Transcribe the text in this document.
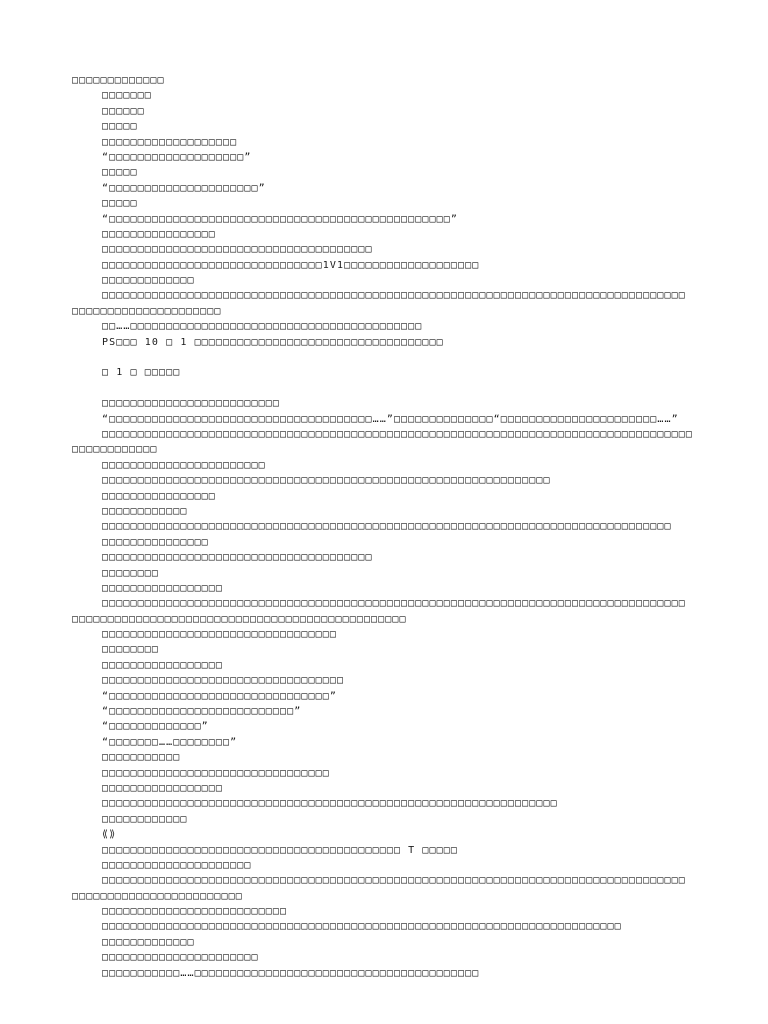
□□□□□□□□□□□□□
□□□□□□□
□□□□□□
□□□□□
□□□□□□□□□□□□□□□□□□□
“□□□□□□□□□□□□□□□□□□□”
□□□□□
“□□□□□□□□□□□□□□□□□□□□□”
□□□□□
“□□□□□□□□□□□□□□□□□□□□□□□□□□□□□□□□□□□□□□□□□□□□□□□□”
□□□□□□□□□□□□□□□□
□□□□□□□□□□□□□□□□□□□□□□□□□□□□□□□□□□□□□□
□□□□□□□□□□□□□□□□□□□□□□□□□□□□□□□1V1□□□□□□□□□□□□□□□□□□□
□□□□□□□□□□□□□
□□□□□□□□□□□□□□□□□□□□□□□□□□□□□□□□□□□□□□□□□□□□□□□□□□□□□□□□□□□□□□□□□□□□□□□□□□□□□□□□□□
□□□□□□□□□□□□□□□□□□□□□
□□……□□□□□□□□□□□□□□□□□□□□□□□□□□□□□□□□□□□□□□□□□
PS□□□ 10 □ 1 □□□□□□□□□□□□□□□□□□□□□□□□□□□□□□□□□□□
□ 1 □ □□□□□
□□□□□□□□□□□□□□□□□□□□□□□□□
“□□□□□□□□□□□□□□□□□□□□□□□□□□□□□□□□□□□□□……”□□□□□□□□□□□□□□“□□□□□□□□□□□□□□□□□□□□□□……”
□□□□□□□□□□□□□□□□□□□□□□□□□□□□□□□□□□□□□□□□□□□□□□□□□□□□□□□□□□□□□□□□□□□□□□□□□□□□□□□□□□□
□□□□□□□□□□□□
□□□□□□□□□□□□□□□□□□□□□□□
□□□□□□□□□□□□□□□□□□□□□□□□□□□□□□□□□□□□□□□□□□□□□□□□□□□□□□□□□□□□□□□
□□□□□□□□□□□□□□□□
□□□□□□□□□□□□
□□□□□□□□□□□□□□□□□□□□□□□□□□□□□□□□□□□□□□□□□□□□□□□□□□□□□□□□□□□□□□□□□□□□□□□□□□□□□□□□
□□□□□□□□□□□□□□□
□□□□□□□□□□□□□□□□□□□□□□□□□□□□□□□□□□□□□□
□□□□□□□□
□□□□□□□□□□□□□□□□□
□□□□□□□□□□□□□□□□□□□□□□□□□□□□□□□□□□□□□□□□□□□□□□□□□□□□□□□□□□□□□□□□□□□□□□□□□□□□□□□□□□
□□□□□□□□□□□□□□□□□□□□□□□□□□□□□□□□□□□□□□□□□□□□□□□
□□□□□□□□□□□□□□□□□□□□□□□□□□□□□□□□□
□□□□□□□□
□□□□□□□□□□□□□□□□□
□□□□□□□□□□□□□□□□□□□□□□□□□□□□□□□□□□
“□□□□□□□□□□□□□□□□□□□□□□□□□□□□□□□”
“□□□□□□□□□□□□□□□□□□□□□□□□□□”
“□□□□□□□□□□□□□”
“□□□□□□□……□□□□□□□□”
□□□□□□□□□□□
□□□□□□□□□□□□□□□□□□□□□□□□□□□□□□□□
□□□□□□□□□□□□□□□□□
□□□□□□□□□□□□□□□□□□□□□□□□□□□□□□□□□□□□□□□□□□□□□□□□□□□□□□□□□□□□□□□□
□□□□□□□□□□□□
⟪⟫
□□□□□□□□□□□□□□□□□□□□□□□□□□□□□□□□□□□□□□□□□□ T □□□□□
□□□□□□□□□□□□□□□□□□□□□
□□□□□□□□□□□□□□□□□□□□□□□□□□□□□□□□□□□□□□□□□□□□□□□□□□□□□□□□□□□□□□□□□□□□□□□□□□□□□□□□□□
□□□□□□□□□□□□□□□□□□□□□□□□
□□□□□□□□□□□□□□□□□□□□□□□□□□
□□□□□□□□□□□□□□□□□□□□□□□□□□□□□□□□□□□□□□□□□□□□□□□□□□□□□□□□□□□□□□□□□□□□□□□□□
□□□□□□□□□□□□□
□□□□□□□□□□□□□□□□□□□□□□
□□□□□□□□□□□……□□□□□□□□□□□□□□□□□□□□□□□□□□□□□□□□□□□□□□□□
